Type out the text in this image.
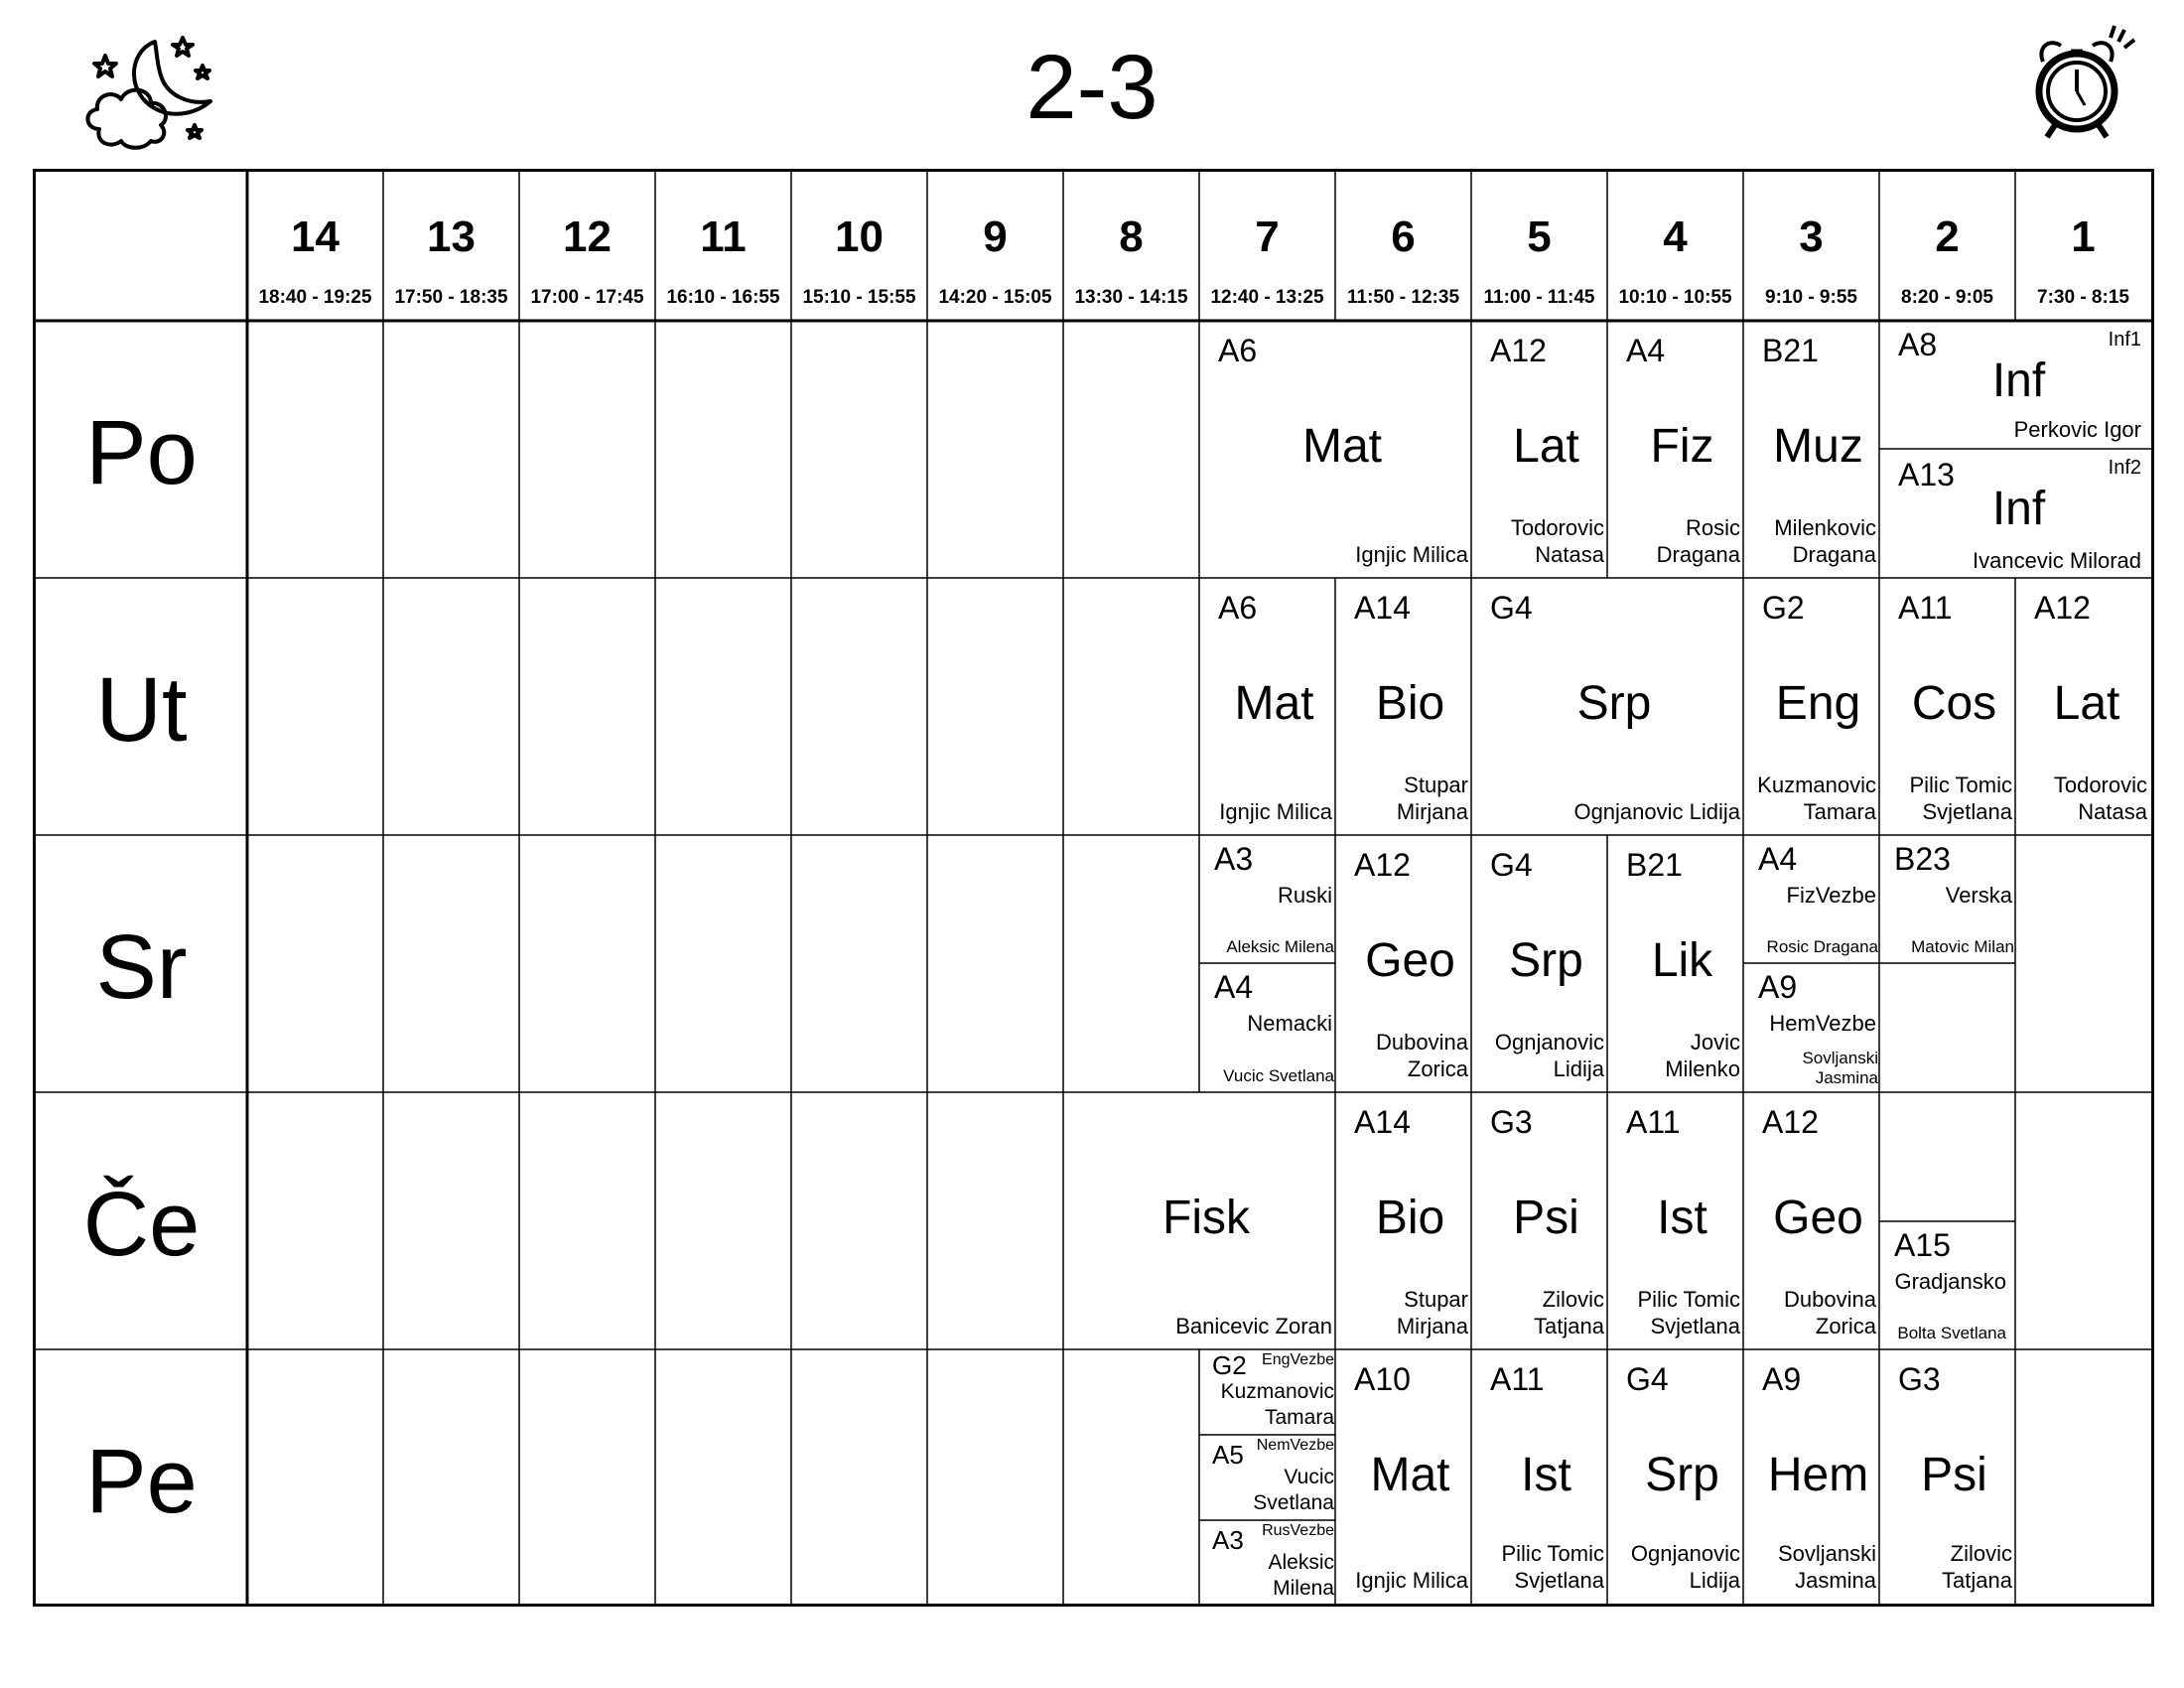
2-3
14
18:40 - 19:25
13
17:50 - 18:35
12
17:00 - 17:45
11
16:10 - 16:55
10
15:10 - 15:55
9
14:20 - 15:05
8
13:30 - 14:15
7
12:40 - 13:25
6
11:50 - 12:35
5
11:00 - 11:45
4
10:10 - 10:55
3
9:10 - 9:55
2
8:20 - 9:05
1
7:30 - 8:15
Po
Ut
Sr
Če
Pe
A6
Mat
Ignjic Milica
A12
Lat
Todorovic Natasa
A4
Fiz
Rosic Dragana
B21
Muz
Milenkovic Dragana
A8	Inf1
Inf
Perkovic Igor
A13	Inf2
Inf
Ivancevic Milorad
A6
Mat
Ignjic Milica
A14
Bio
Stupar Mirjana
G4
Srp
Ognjanovic Lidija
G2
Eng
Kuzmanovic Tamara
A11
Cos
Pilic Tomic Svjetlana
A12
Lat
Todorovic Natasa
A3
Ruski
Aleksic Milena
A4
Nemacki
Vucic Svetlana
A12
Geo
Dubovina Zorica
G4
Srp
Ognjanovic Lidija
B21
Lik
Jovic Milenko
A4
FizVezbe
Rosic Dragana
A9
HemVezbe
Sovljanski Jasmina
B23
Verska
Matovic Milan
Fisk
Banicevic Zoran
A14
Bio
Stupar Mirjana
G3
Psi
Zilovic Tatjana
A11
Ist
Pilic Tomic Svjetlana
A12
Geo
Dubovina Zorica
A15
Gradjansko
Bolta Svetlana
G2 EngVezbe
Kuzmanovic Tamara
A5 NemVezbe
Vucic Svetlana
A3 RusVezbe
Aleksic Milena
A10
Mat
Ignjic Milica
A11
Ist
Pilic Tomic Svjetlana
G4
Srp
Ognjanovic Lidija
A9
Hem
Sovljanski Jasmina
G3
Psi
Zilovic Tatjana
